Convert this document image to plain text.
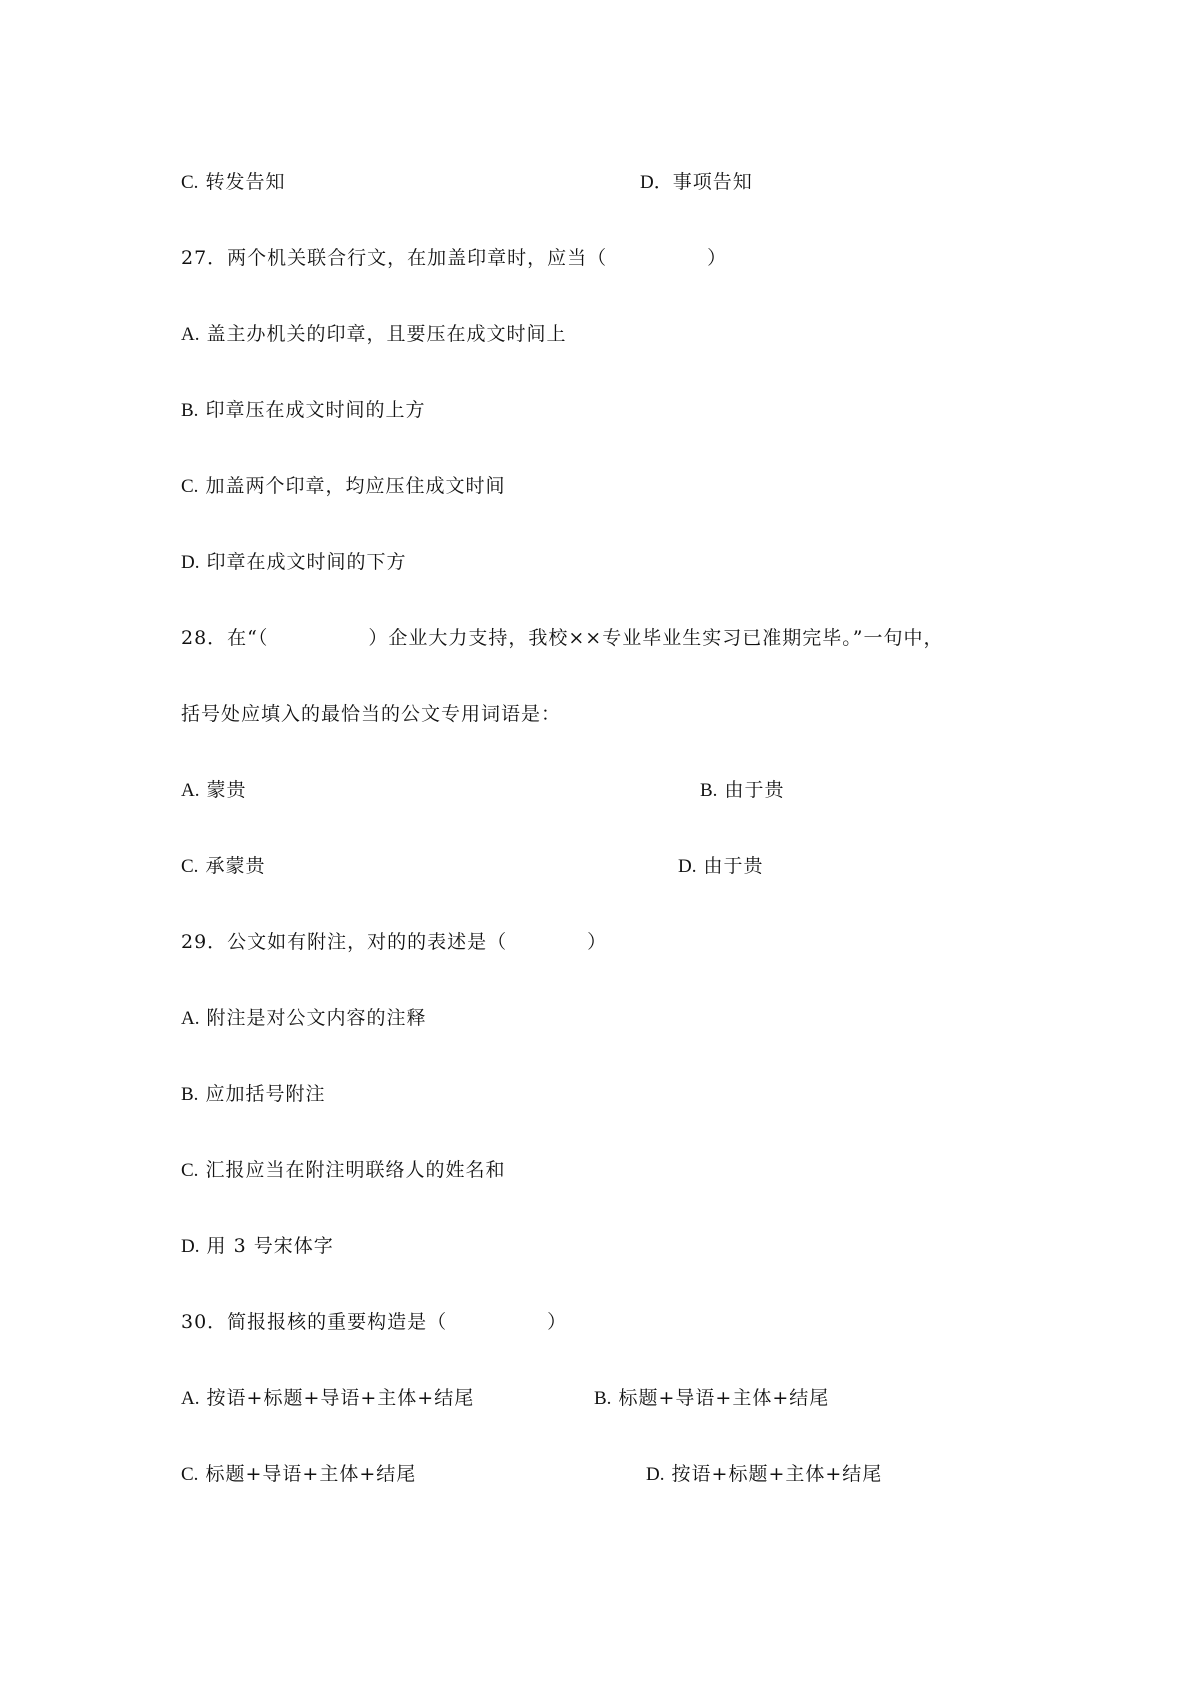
C. 转发告知	D．事项告知
27．两个机关联合行文，在加盖印章时，应当（　　　　　）
A. 盖主办机关的印章，且要压在成文时间上
B. 印章压在成文时间的上方
C. 加盖两个印章，均应压住成文时间
D. 印章在成文时间的下方
28．在“（　　　　　）企业大力支持，我校××专业毕业生实习已准期完毕。”一句中，
括号处应填入的最恰当的公文专用词语是：
A. 蒙贵	B. 由于贵
C. 承蒙贵	D. 由于贵
29．公文如有附注，对的的表述是（　　　　）
A. 附注是对公文内容的注释
B. 应加括号附注
C. 汇报应当在附注明联络人的姓名和
D. 用 3 号宋体字
30．简报报核的重要构造是（　　　　　）
A. 按语+标题+导语+主体+结尾	B. 标题+导语+主体+结尾
C. 标题+导语+主体+结尾	D. 按语+标题+主体+结尾
